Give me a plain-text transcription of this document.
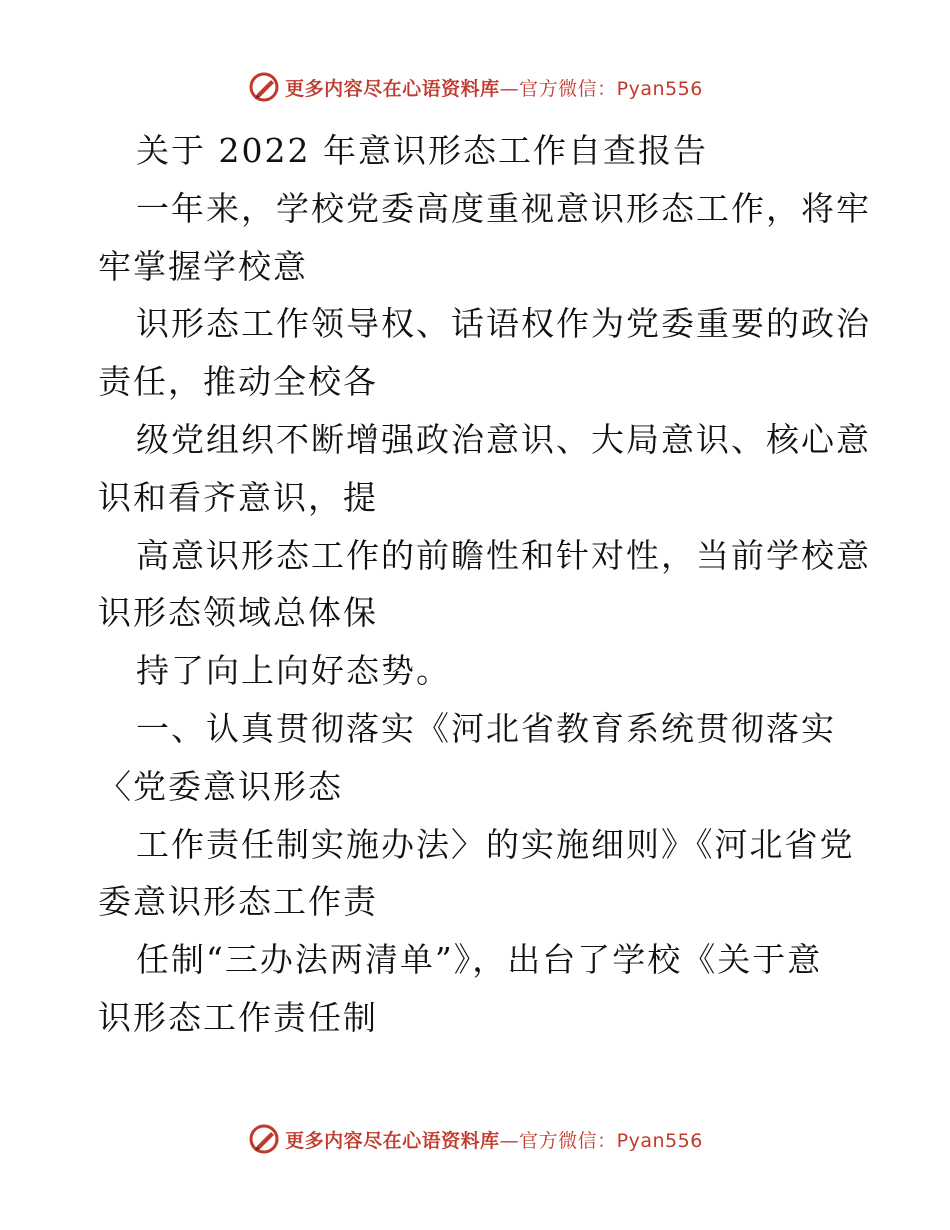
更多内容尽在心语资料库 —官方微信：Pyan556
关于 2022 年意识形态工作自查报告
一年来，学校党委高度重视意识形态工作，将牢
牢掌握学校意
识形态工作领导权、话语权作为党委重要的政治
责任，推动全校各
级党组织不断增强政治意识、大局意识、核心意
识和看齐意识，提
高意识形态工作的前瞻性和针对性，当前学校意
识形态领域总体保
持了向上向好态势。
一、认真贯彻落实《河北省教育系统贯彻落实
〈党委意识形态
工作责任制实施办法〉的实施细则》《河北省党
委意识形态工作责
任制“三办法两清单”》，出台了学校《关于意
识形态工作责任制
更多内容尽在心语资料库 —官方微信：Pyan556
